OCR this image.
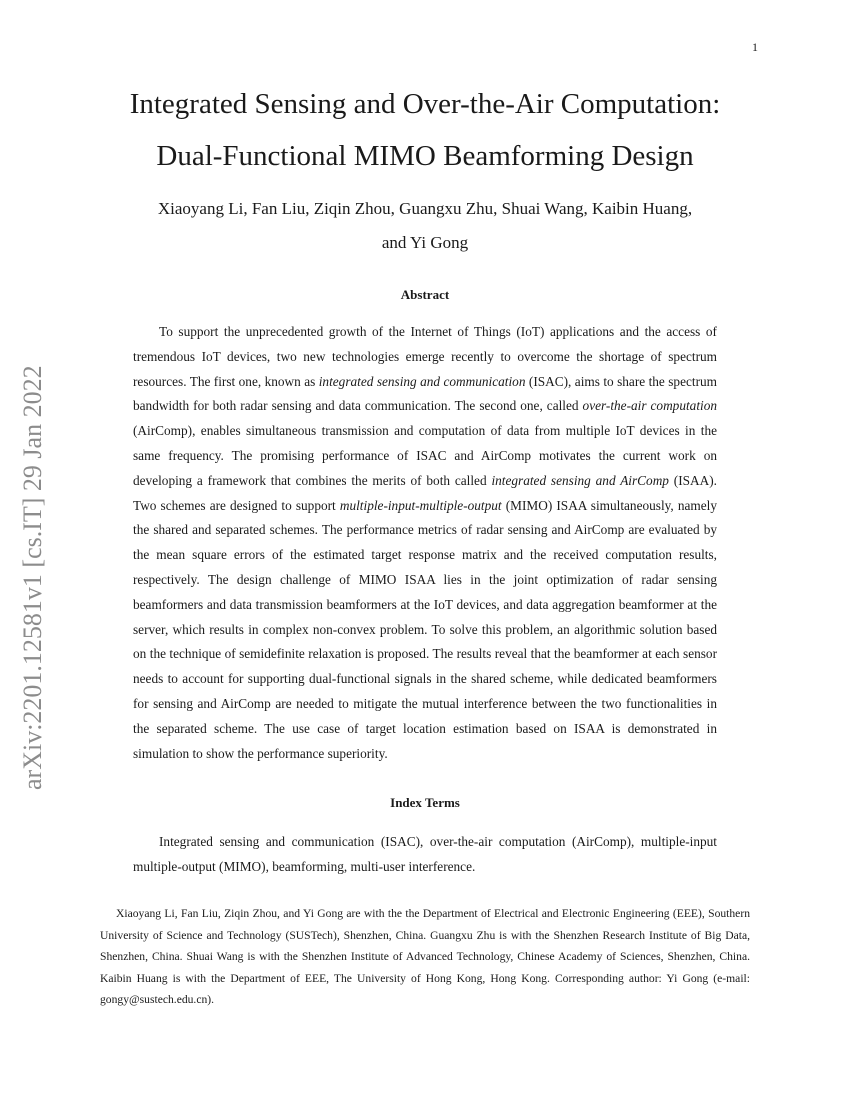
1
arXiv:2201.12581v1 [cs.IT] 29 Jan 2022
Integrated Sensing and Over-the-Air Computation:
Dual-Functional MIMO Beamforming Design
Xiaoyang Li, Fan Liu, Ziqin Zhou, Guangxu Zhu, Shuai Wang, Kaibin Huang,
and Yi Gong
Abstract

To support the unprecedented growth of the Internet of Things (IoT) applications and the access of tremendous IoT devices, two new technologies emerge recently to overcome the shortage of spectrum resources. The first one, known as integrated sensing and communication (ISAC), aims to share the spectrum bandwidth for both radar sensing and data communication. The second one, called over-the-air computation (AirComp), enables simultaneous transmission and computation of data from multiple IoT devices in the same frequency. The promising performance of ISAC and AirComp motivates the current work on developing a framework that combines the merits of both called integrated sensing and AirComp (ISAA). Two schemes are designed to support multiple-input-multiple-output (MIMO) ISAA simultaneously, namely the shared and separated schemes. The performance metrics of radar sensing and AirComp are evaluated by the mean square errors of the estimated target response matrix and the received computation results, respectively. The design challenge of MIMO ISAA lies in the joint optimization of radar sensing beamformers and data transmission beamformers at the IoT devices, and data aggregation beamformer at the server, which results in complex non-convex problem. To solve this problem, an algorithmic solution based on the technique of semidefinite relaxation is proposed. The results reveal that the beamformer at each sensor needs to account for supporting dual-functional signals in the shared scheme, while dedicated beamformers for sensing and AirComp are needed to mitigate the mutual interference between the two functionalities in the separated scheme. The use case of target location estimation based on ISAA is demonstrated in simulation to show the performance superiority.

Index Terms

Integrated sensing and communication (ISAC), over-the-air computation (AirComp), multiple-input multiple-output (MIMO), beamforming, multi-user interference.

Xiaoyang Li, Fan Liu, Ziqin Zhou, and Yi Gong are with the the Department of Electrical and Electronic Engineering (EEE), Southern University of Science and Technology (SUSTech), Shenzhen, China. Guangxu Zhu is with the Shenzhen Research Institute of Big Data, Shenzhen, China. Shuai Wang is with the Shenzhen Institute of Advanced Technology, Chinese Academy of Sciences, Shenzhen, China. Kaibin Huang is with the Department of EEE, The University of Hong Kong, Hong Kong. Corresponding author: Yi Gong (e-mail: gongy@sustech.edu.cn).
